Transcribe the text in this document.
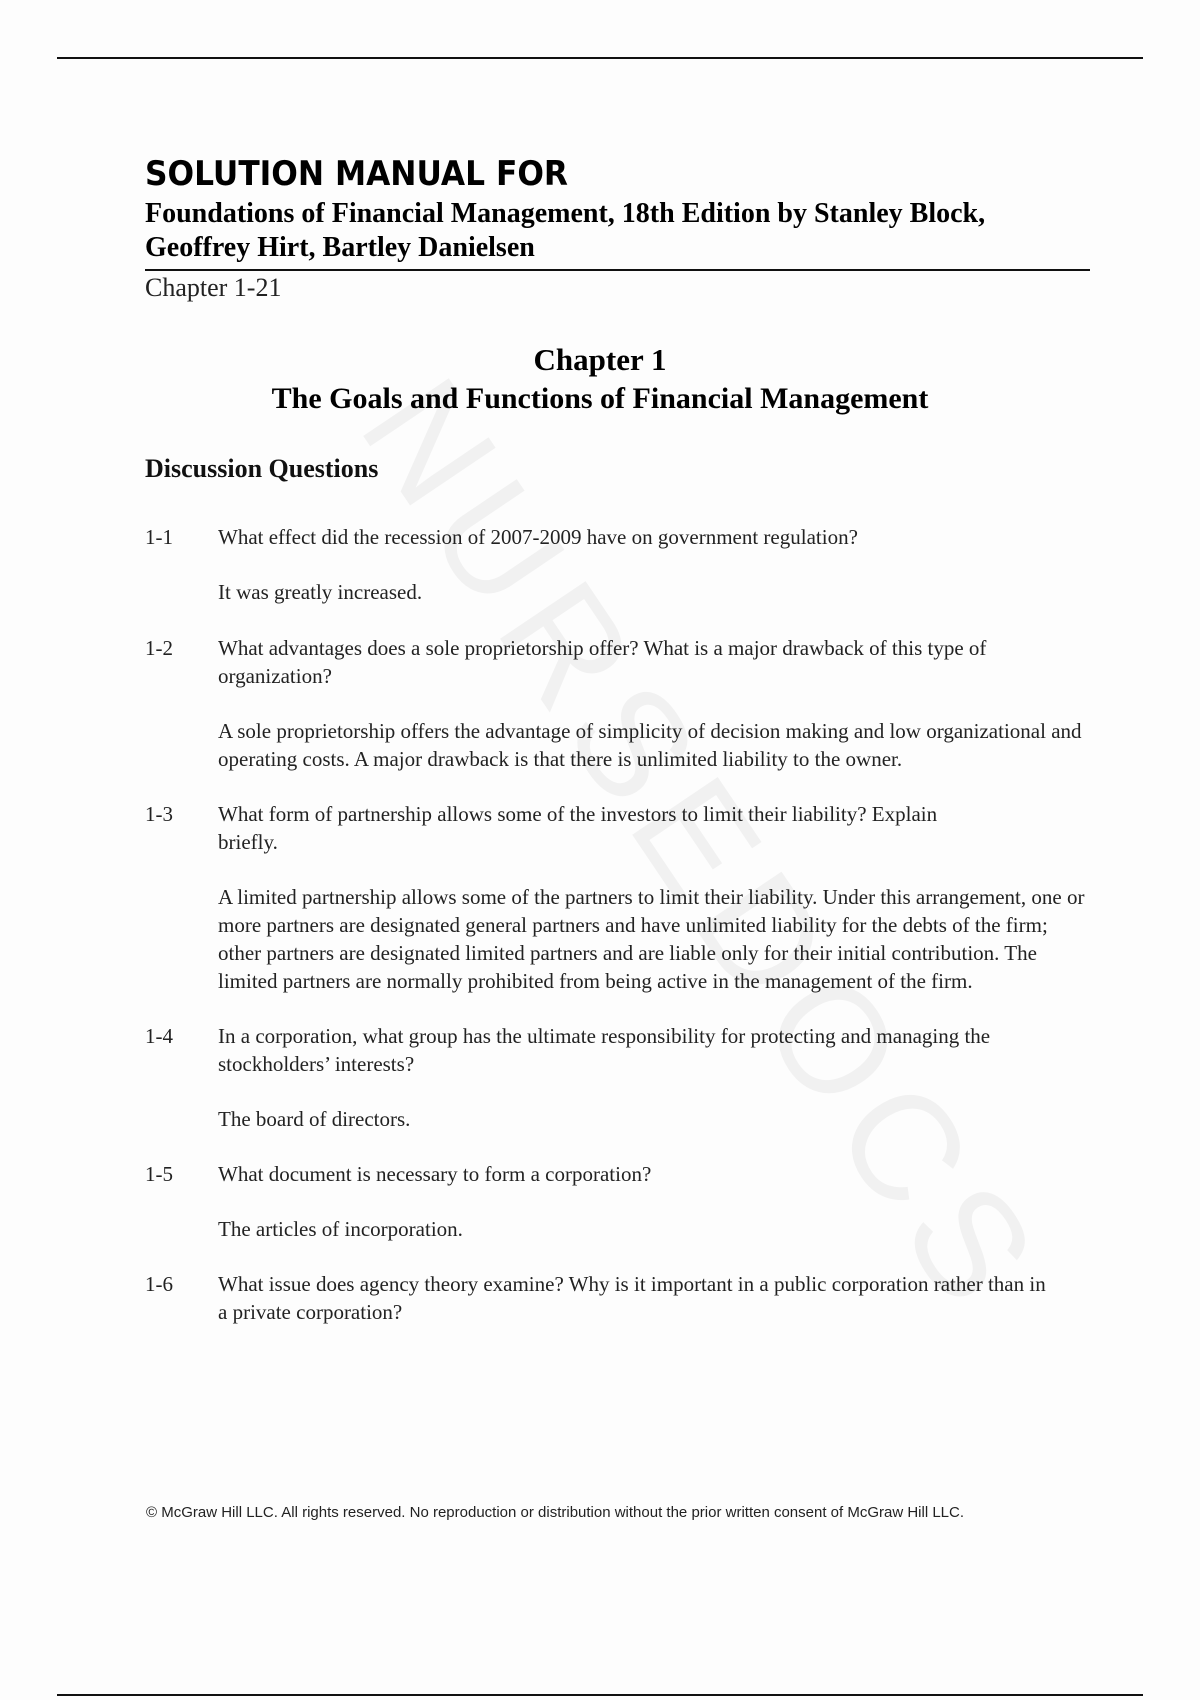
SOLUTION MANUAL FOR
Foundations of Financial Management, 18th Edition by Stanley Block, Geoffrey Hirt, Bartley Danielsen
Chapter 1-21
Chapter 1
The Goals and Functions of Financial Management
Discussion Questions
1-1 What effect did the recession of 2007-2009 have on government regulation?
It was greatly increased.
1-2 What advantages does a sole proprietorship offer? What is a major drawback of this type of organization?
A sole proprietorship offers the advantage of simplicity of decision making and low organizational and operating costs. A major drawback is that there is unlimited liability to the owner.
1-3 What form of partnership allows some of the investors to limit their liability? Explain briefly.
A limited partnership allows some of the partners to limit their liability. Under this arrangement, one or more partners are designated general partners and have unlimited liability for the debts of the firm; other partners are designated limited partners and are liable only for their initial contribution. The limited partners are normally prohibited from being active in the management of the firm.
1-4 In a corporation, what group has the ultimate responsibility for protecting and managing the stockholders’ interests?
The board of directors.
1-5 What document is necessary to form a corporation?
The articles of incorporation.
1-6 What issue does agency theory examine? Why is it important in a public corporation rather than in a private corporation?
© McGraw Hill LLC. All rights reserved. No reproduction or distribution without the prior written consent of McGraw Hill LLC.
